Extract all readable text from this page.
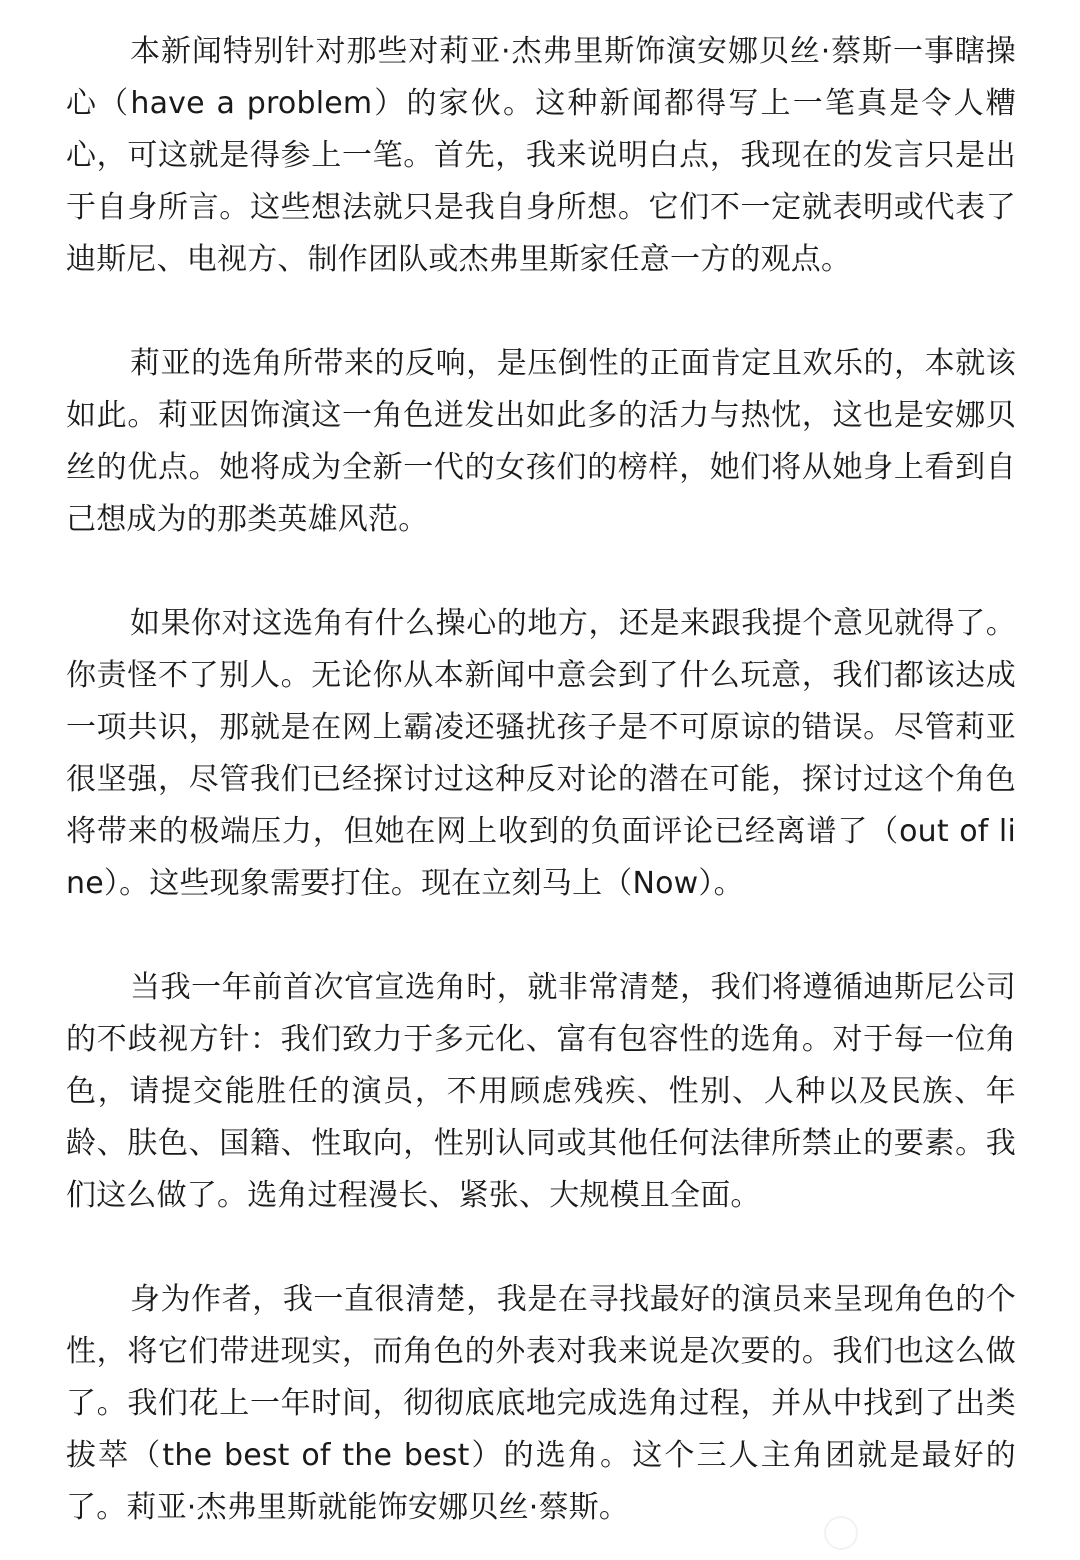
本新闻特别针对那些对莉亚·杰弗里斯饰演安娜贝丝·蔡斯一事瞎操心（have a problem）的家伙。这种新闻都得写上一笔真是令人糟心，可这就是得参上一笔。首先，我来说明白点，我现在的发言只是出于自身所言。这些想法就只是我自身所想。它们不一定就表明或代表了迪斯尼、电视方、制作团队或杰弗里斯家任意一方的观点。

莉亚的选角所带来的反响，是压倒性的正面肯定且欢乐的，本就该如此。莉亚因饰演这一角色迸发出如此多的活力与热忱，这也是安娜贝丝的优点。她将成为全新一代的女孩们的榜样，她们将从她身上看到自己想成为的那类英雄风范。

如果你对这选角有什么操心的地方，还是来跟我提个意见就得了。你责怪不了别人。无论你从本新闻中意会到了什么玩意，我们都该达成一项共识，那就是在网上霸凌还骚扰孩子是不可原谅的错误。尽管莉亚很坚强，尽管我们已经探讨过这种反对论的潜在可能，探讨过这个角色将带来的极端压力，但她在网上收到的负面评论已经离谱了（out of line）。这些现象需要打住。现在立刻马上（Now）。

当我一年前首次官宣选角时，就非常清楚，我们将遵循迪斯尼公司的不歧视方针：我们致力于多元化、富有包容性的选角。对于每一位角色，请提交能胜任的演员，不用顾虑残疾、性别、人种以及民族、年龄、肤色、国籍、性取向，性别认同或其他任何法律所禁止的要素。我们这么做了。选角过程漫长、紧张、大规模且全面。

身为作者，我一直很清楚，我是在寻找最好的演员来呈现角色的个性，将它们带进现实，而角色的外表对我来说是次要的。我们也这么做了。我们花上一年时间，彻彻底底地完成选角过程，并从中找到了出类拔萃（the best of the best）的选角。这个三人主角团就是最好的了。莉亚·杰弗里斯就能饰安娜贝丝·蔡斯。
